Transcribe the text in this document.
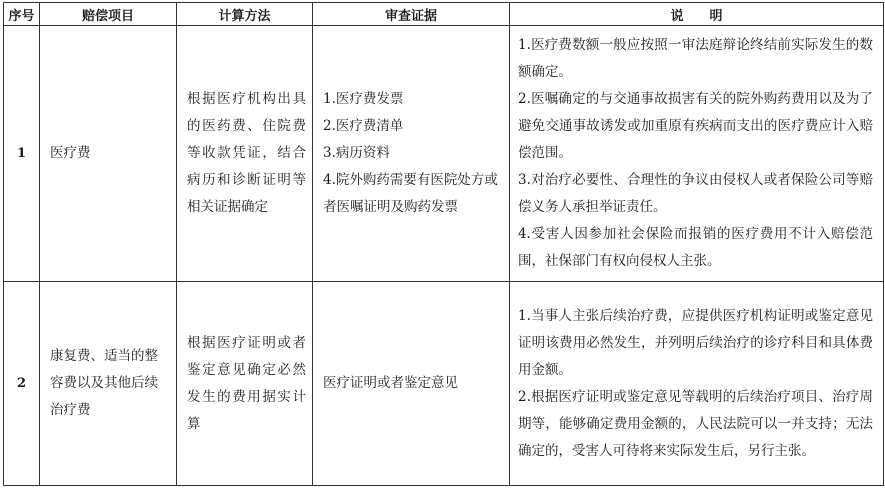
序号	赔偿项目	计算方法	审查证据	说　　明
1	医疗费	根据医疗机构出具的医药费、住院费等收款凭证，结合病历和诊断证明等相关证据确定	1.医疗费发票
2.医疗费清单
3.病历资料
4.院外购药需要有医院处方或者医嘱证明及购药发票	1.医疗费数额一般应按照一审法庭辩论终结前实际发生的数额确定。
2.医嘱确定的与交通事故损害有关的院外购药费用以及为了避免交通事故诱发或加重原有疾病而支出的医疗费应计入赔偿范围。
3.对治疗必要性、合理性的争议由侵权人或者保险公司等赔偿义务人承担举证责任。
4.受害人因参加社会保险而报销的医疗费用不计入赔偿范围，社保部门有权向侵权人主张。

2	康复费、适当的整容费以及其他后续治疗费	根据医疗证明或者鉴定意见确定必然发生的费用据实计算	医疗证明或者鉴定意见	1.当事人主张后续治疗费，应提供医疗机构证明或鉴定意见证明该费用必然发生，并列明后续治疗的诊疗科目和具体费用金额。
2.根据医疗证明或鉴定意见等载明的后续治疗项目、治疗周期等，能够确定费用金额的，人民法院可以一并支持；无法确定的，受害人可待将来实际发生后，另行主张。
